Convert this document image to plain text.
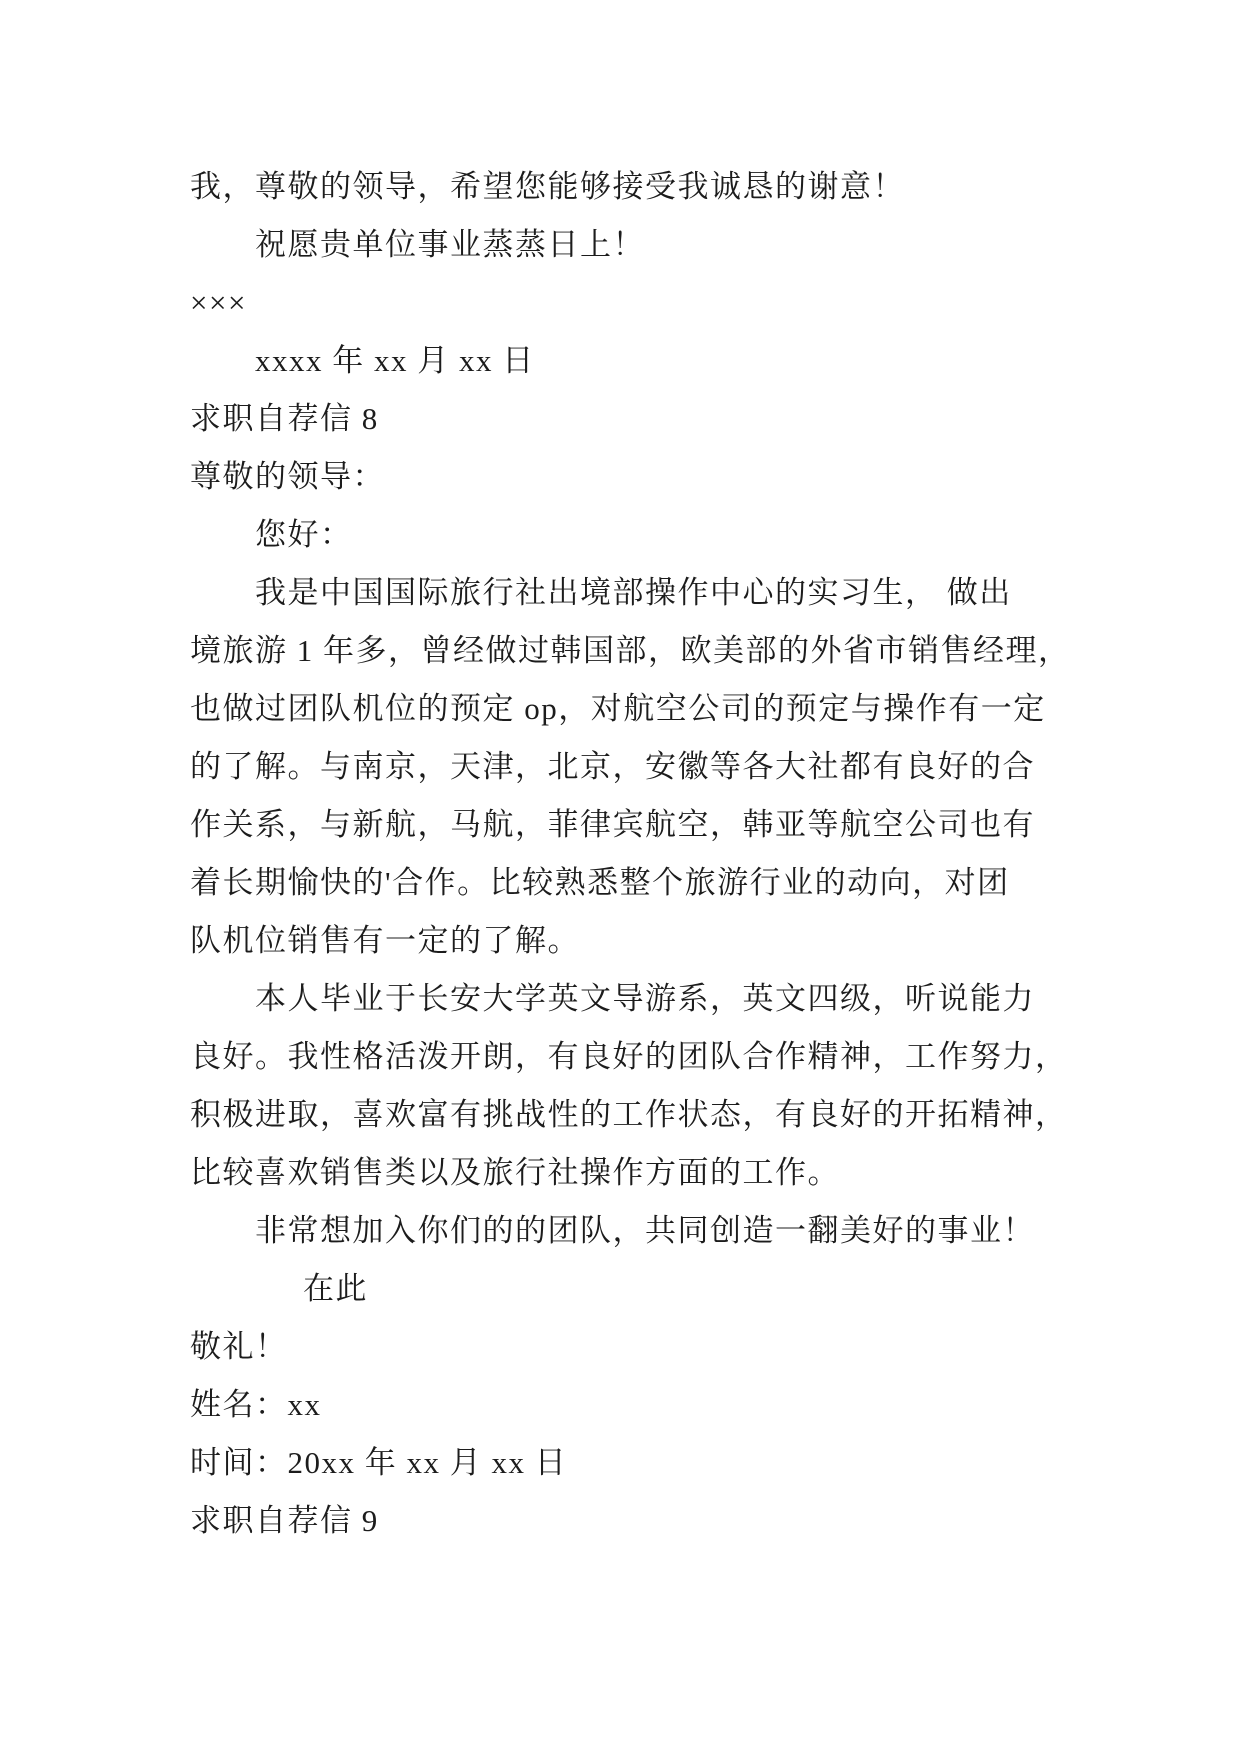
我，尊敬的领导，希望您能够接受我诚恳的谢意！
祝愿贵单位事业蒸蒸日上！
×××
xxxx 年 xx 月 xx 日
求职自荐信 8
尊敬的领导：
您好：
我是中国国际旅行社出境部操作中心的实习生， 做出
境旅游 1 年多，曾经做过韩国部，欧美部的外省市销售经理，
也做过团队机位的预定 op，对航空公司的预定与操作有一定
的了解。与南京，天津，北京，安徽等各大社都有良好的合
作关系，与新航，马航，菲律宾航空，韩亚等航空公司也有
着长期愉快的'合作。比较熟悉整个旅游行业的动向，对团
队机位销售有一定的了解。
本人毕业于长安大学英文导游系，英文四级，听说能力
良好。我性格活泼开朗，有良好的团队合作精神，工作努力，
积极进取，喜欢富有挑战性的工作状态，有良好的开拓精神，
比较喜欢销售类以及旅行社操作方面的工作。
非常想加入你们的的团队，共同创造一翻美好的事业！
在此
敬礼！
姓名：xx
时间：20xx 年 xx 月 xx 日
求职自荐信 9
